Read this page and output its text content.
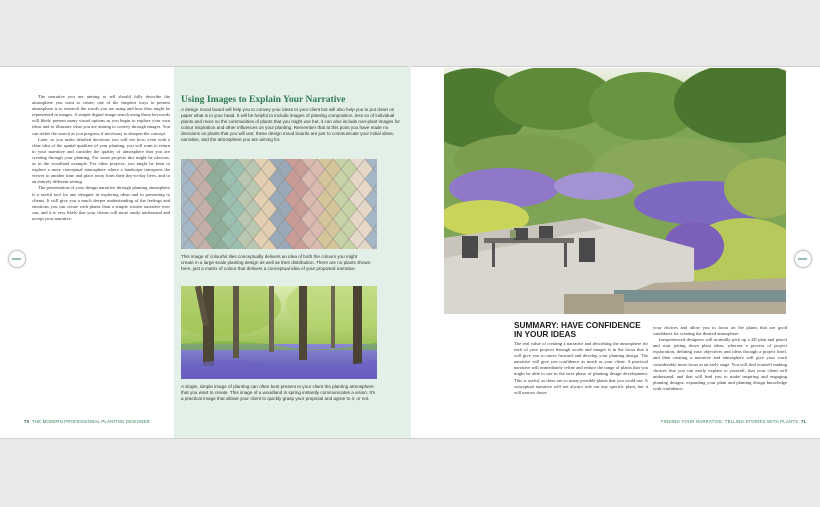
The narrative you are aiming to tell should fully describe the atmosphere you want to create; one of the simplest ways to present atmosphere is to research the words you are using and how they might be represented in images. A simple digital image search using those keywords will likely present many visual options as you begin to explore your own ideas and to illustrate what you are aiming to convey through images. You can refine the search as you progress if necessary to sharpen the concept.

Later, as you make detailed decisions you will see how, even with a clear idea of the spatial qualities of your planting, you will want to return to your narrative and consider the quality of atmosphere that you are creating through your planting. For some projects this might be obvious, as in the woodland example. For other projects, you might be keen to explore a more conceptual atmosphere where a landscape transports the viewer to another time and place away from their day-to-day lives, and to an entirely different setting.

The presentation of your design narrative through planting atmosphere is a useful tool for any designer in exploring ideas and in presenting to clients. It will give you a much deeper understanding of the feelings and emotions you can create with plants than a simple written narrative ever can, and it is very likely that your clients will more easily understand and accept your narrative.

Using Images to Explain Your Narrative
A design mood board will help you to convey your ideas to your client but will also help you to put down on paper what is in your head. It will be helpful to include images of planting composition, less so of individual plants and more so the communities of plants that you might use but, it can also include non-plant images for colour inspiration and other influences on your planting. Remember that at this point you have made no decisions on plants that you will use; these design mood boards are just to communicate your initial ideas, narrative, and the atmosphere you are aiming for.
This image of colourful tiles conceptually delivers an idea of both the colours you might create in a large-scale planting design as well as their distribution. There are no plants shown here, just a matrix of colour that delivers a conceptual idea of your proposed narrative.
A single, simple image of planting can often best present to your client the planting atmosphere that you want to create. This image of a woodland in spring instantly communicates a vision. It's a practical image that allows your client to quickly grasp your proposal and agree to it, or not.
70 THE MODERN PROFESSIONAL PLANTING DESIGNER
SUMMARY: HAVE CONFIDENCE IN YOUR IDEAS

The real value of creating a narrative and describing the atmosphere for each of your projects through words and images is in the focus that it will give you to move forward and develop your planting design. The narrative will give you confidence as much as your client. A practical narrative will immediately refine and reduce the range of plants that you might be able to use in the next phase of planting design development. This is useful, as there are so many possible plants that you could use. A conceptual narrative will not always rule out any specific plant, but it will narrow down

your choices and allow you to focus on the plants that are good candidates for creating the desired atmosphere.

Inexperienced designers will normally pick up a 2D plan and pencil and start jotting down plant ideas, whereas a process of project exploration, defining your objectives and ideas through a project brief, and then creating a narrative and atmosphere will give your work considerably more focus at an early stage. You will find yourself making choices that you can easily explain to yourself, that your client will understand, and that will lead you to make inspiring and engaging planting designs, expanding your plant and planting design knowledge with confidence.

FINDING YOUR NARRATIVE: TELLING STORIES WITH PLANTS 71
